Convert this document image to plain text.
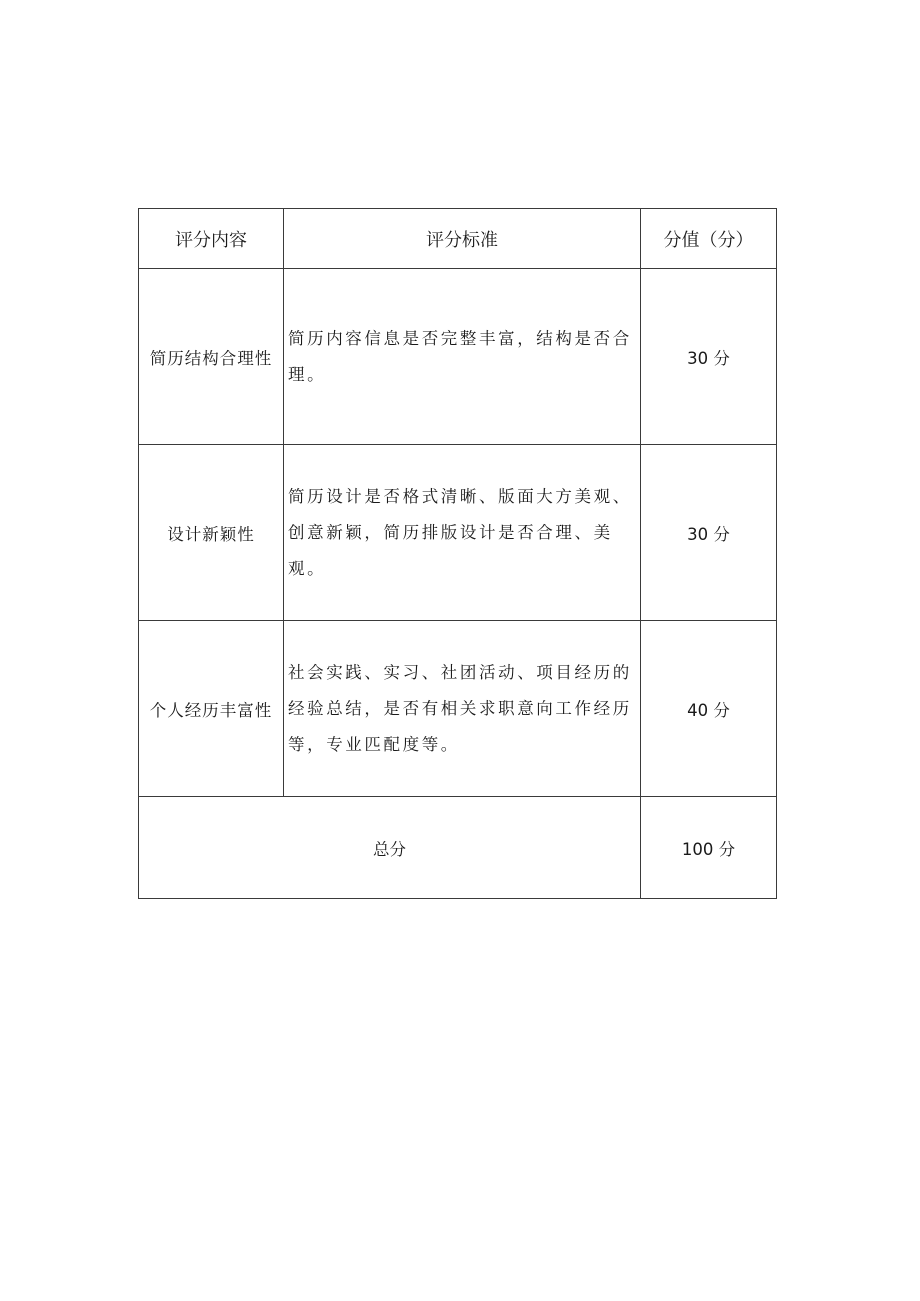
评分内容	评分标准	分值（分）
简历结构合理性	简历内容信息是否完整丰富，结构是否合理。	30 分
设计新颖性	简历设计是否格式清晰、版面大方美观、创意新颖，简历排版设计是否合理、美观。	30 分
个人经历丰富性	社会实践、实习、社团活动、项目经历的经验总结，是否有相关求职意向工作经历等，专业匹配度等。	40 分
总分		100 分
